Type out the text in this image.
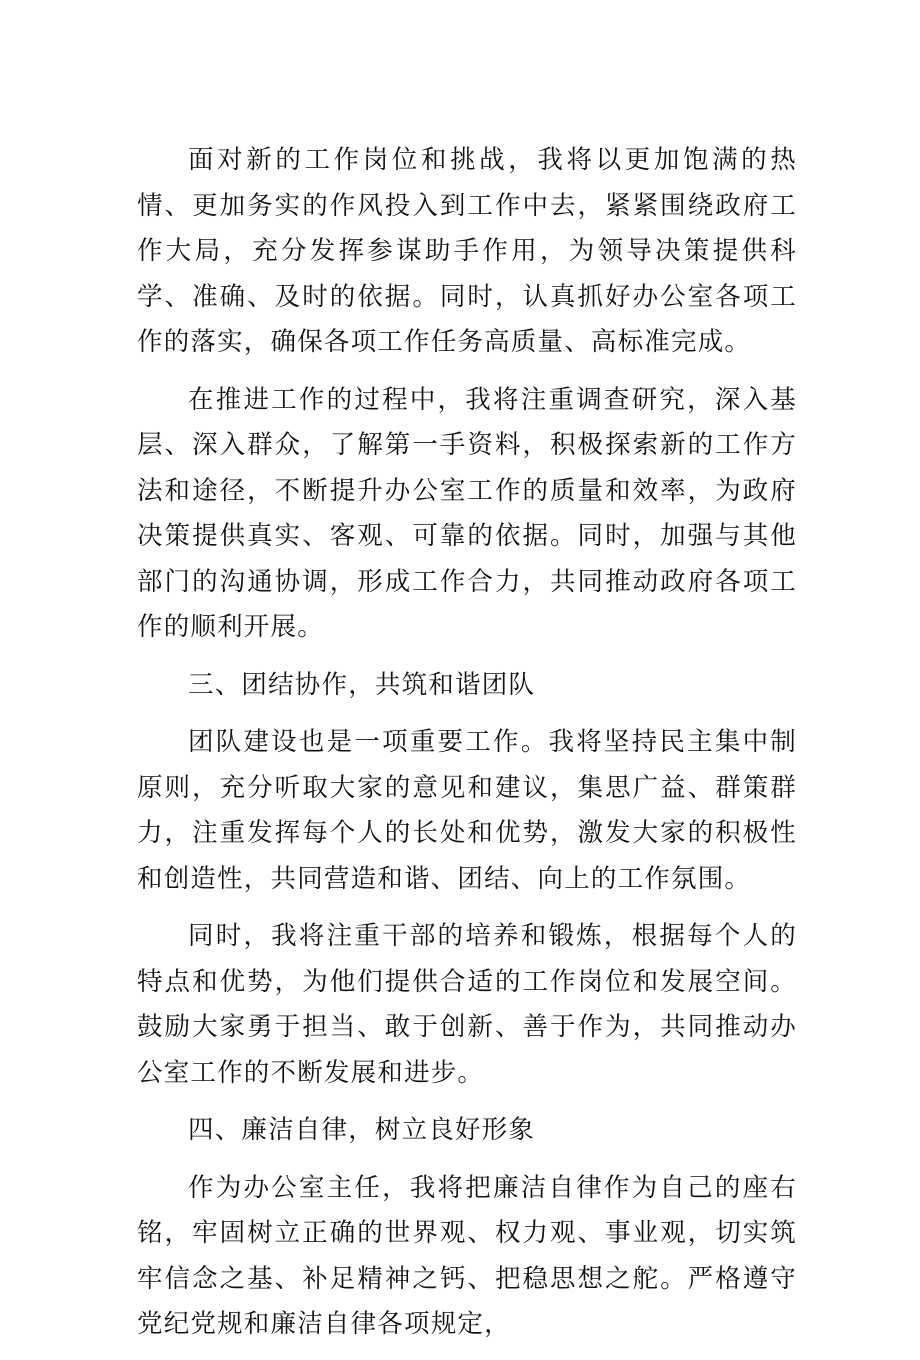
面对新的工作岗位和挑战，我将以更加饱满的热情、更加务实的作风投入到工作中去，紧紧围绕政府工作大局，充分发挥参谋助手作用，为领导决策提供科学、准确、及时的依据。同时，认真抓好办公室各项工作的落实，确保各项工作任务高质量、高标准完成。

在推进工作的过程中，我将注重调查研究，深入基层、深入群众，了解第一手资料，积极探索新的工作方法和途径，不断提升办公室工作的质量和效率，为政府决策提供真实、客观、可靠的依据。同时，加强与其他部门的沟通协调，形成工作合力，共同推动政府各项工作的顺利开展。

三、团结协作，共筑和谐团队

团队建设也是一项重要工作。我将坚持民主集中制原则，充分听取大家的意见和建议，集思广益、群策群力，注重发挥每个人的长处和优势，激发大家的积极性和创造性，共同营造和谐、团结、向上的工作氛围。

同时，我将注重干部的培养和锻炼，根据每个人的特点和优势，为他们提供合适的工作岗位和发展空间。鼓励大家勇于担当、敢于创新、善于作为，共同推动办公室工作的不断发展和进步。

四、廉洁自律，树立良好形象

作为办公室主任，我将把廉洁自律作为自己的座右铭，牢固树立正确的世界观、权力观、事业观，切实筑牢信念之基、补足精神之钙、把稳思想之舵。严格遵守党纪党规和廉洁自律各项规定，
